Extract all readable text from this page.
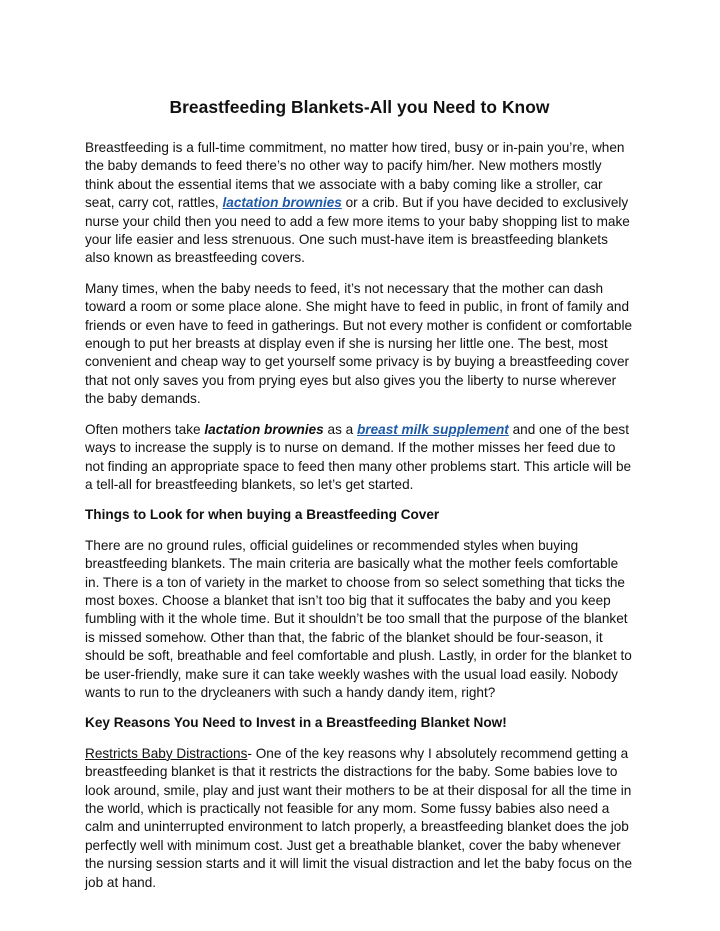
Breastfeeding Blankets-All you Need to Know

Breastfeeding is a full-time commitment, no matter how tired, busy or in-pain you’re, when the baby demands to feed there’s no other way to pacify him/her. New mothers mostly think about the essential items that we associate with a baby coming like a stroller, car seat, carry cot, rattles, lactation brownies or a crib. But if you have decided to exclusively nurse your child then you need to add a few more items to your baby shopping list to make your life easier and less strenuous. One such must-have item is breastfeeding blankets also known as breastfeeding covers.

Many times, when the baby needs to feed, it’s not necessary that the mother can dash toward a room or some place alone. She might have to feed in public, in front of family and friends or even have to feed in gatherings. But not every mother is confident or comfortable enough to put her breasts at display even if she is nursing her little one. The best, most convenient and cheap way to get yourself some privacy is by buying a breastfeeding cover that not only saves you from prying eyes but also gives you the liberty to nurse wherever the baby demands.

Often mothers take lactation brownies as a breast milk supplement and one of the best ways to increase the supply is to nurse on demand. If the mother misses her feed due to not finding an appropriate space to feed then many other problems start. This article will be a tell-all for breastfeeding blankets, so let’s get started.

Things to Look for when buying a Breastfeeding Cover

There are no ground rules, official guidelines or recommended styles when buying breastfeeding blankets. The main criteria are basically what the mother feels comfortable in. There is a ton of variety in the market to choose from so select something that ticks the most boxes. Choose a blanket that isn’t too big that it suffocates the baby and you keep fumbling with it the whole time. But it shouldn’t be too small that the purpose of the blanket is missed somehow. Other than that, the fabric of the blanket should be four-season, it should be soft, breathable and feel comfortable and plush. Lastly, in order for the blanket to be user-friendly, make sure it can take weekly washes with the usual load easily. Nobody wants to run to the drycleaners with such a handy dandy item, right?

Key Reasons You Need to Invest in a Breastfeeding Blanket Now!

Restricts Baby Distractions- One of the key reasons why I absolutely recommend getting a breastfeeding blanket is that it restricts the distractions for the baby. Some babies love to look around, smile, play and just want their mothers to be at their disposal for all the time in the world, which is practically not feasible for any mom. Some fussy babies also need a calm and uninterrupted environment to latch properly, a breastfeeding blanket does the job perfectly well with minimum cost. Just get a breathable blanket, cover the baby whenever the nursing session starts and it will limit the visual distraction and let the baby focus on the job at hand.
